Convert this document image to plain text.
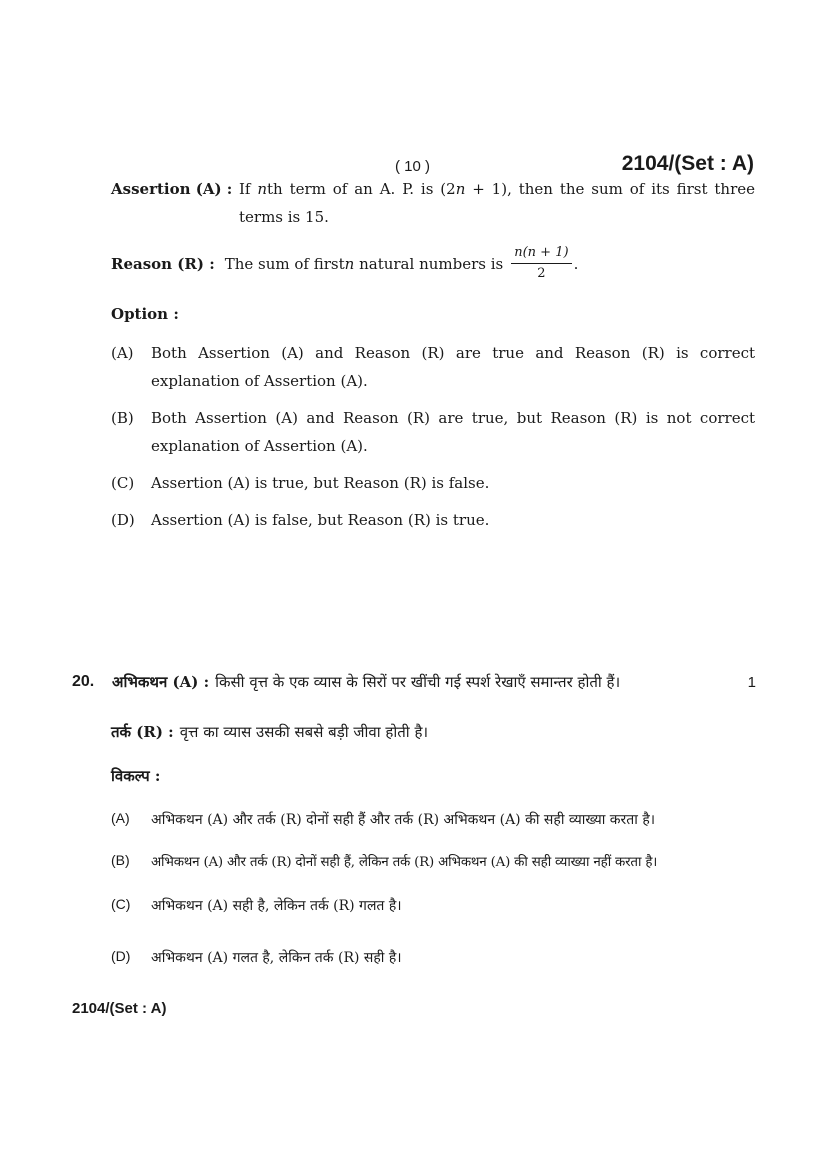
( 10 )	2104/(Set : A)
Assertion (A) : If nth term of an A. P. is (2n + 1), then the sum of its first three
terms is 15.
Reason (R) : The sum of first n natural numbers is $\frac{n(n + 1)}{2}$ .
Option :
(A)	Both Assertion (A) and Reason (R) are true and Reason (R) is correct
explanation of Assertion (A).
(B)	Both Assertion (A) and Reason (R) are true, but Reason (R) is not correct
explanation of Assertion (A).
(C)	Assertion (A) is true, but Reason (R) is false.
(D)	Assertion (A) is false, but Reason (R) is true.
20.	अभिकथन (A) : किसी वृत्त के एक व्यास के सिरों पर खींची गई स्पर्श रेखाएँ समान्तर होती हैं।	1
तर्क (R) : वृत्त का व्यास उसकी सबसे बड़ी जीवा होती है।
विकल्प :
(A)	अभिकथन (A) और तर्क (R) दोनों सही हैं और तर्क (R) अभिकथन (A) की सही व्याख्या करता है।
(B)	अभिकथन (A) और तर्क (R) दोनों सही हैं, लेकिन तर्क (R) अभिकथन (A) की सही व्याख्या नहीं करता है।
(C)	अभिकथन (A) सही है, लेकिन तर्क (R) गलत है।
(D)	अभिकथन (A) गलत है, लेकिन तर्क (R) सही है।
2104/(Set : A)
